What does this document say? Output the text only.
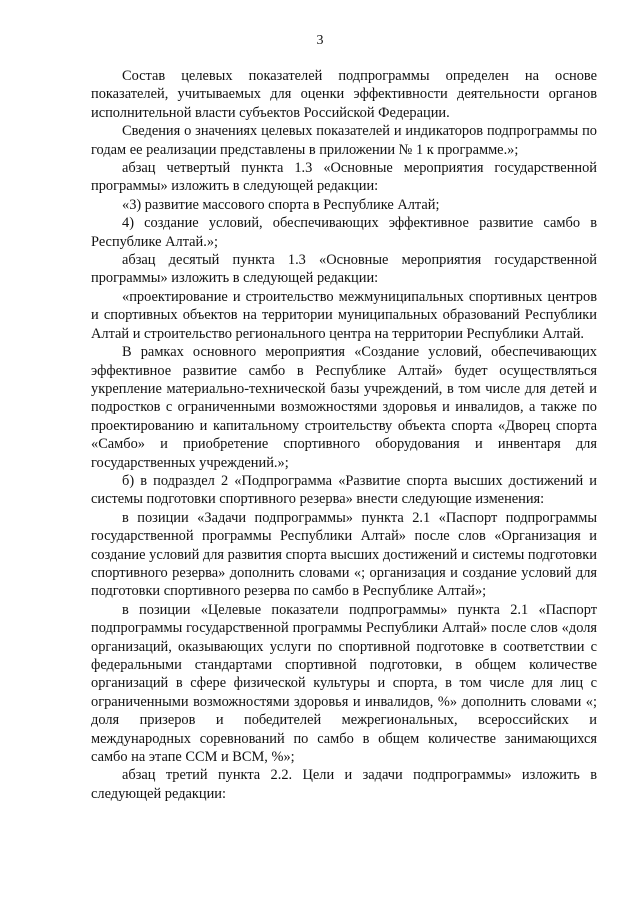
3

Состав целевых показателей подпрограммы определен на основе показателей, учитываемых для оценки эффективности деятельности органов исполнительной власти субъектов Российской Федерации.

Сведения о значениях целевых показателей и индикаторов подпрограммы по годам ее реализации представлены в приложении № 1 к программе.»;

абзац четвертый пункта 1.3 «Основные мероприятия государственной программы» изложить в следующей редакции:

«3) развитие массового спорта в Республике Алтай;

4) создание условий, обеспечивающих эффективное развитие самбо в Республике Алтай.»;

абзац десятый пункта 1.3 «Основные мероприятия государственной программы» изложить в следующей редакции:

«проектирование и строительство межмуниципальных спортивных центров и спортивных объектов на территории муниципальных образований Республики Алтай и строительство регионального центра на территории Республики Алтай.

В рамках основного мероприятия «Создание условий, обеспечивающих эффективное развитие самбо в Республике Алтай» будет осуществляться укрепление материально-технической базы учреждений, в том числе для детей и подростков с ограниченными возможностями здоровья и инвалидов, а также по проектированию и капитальному строительству объекта спорта «Дворец спорта «Самбо» и приобретение спортивного оборудования и инвентаря для государственных учреждений.»;

б) в подраздел 2 «Подпрограмма «Развитие спорта высших достижений и системы подготовки спортивного резерва» внести следующие изменения:

в позиции «Задачи подпрограммы» пункта 2.1 «Паспорт подпрограммы государственной программы Республики Алтай» после слов «Организация и создание условий для развития спорта высших достижений и системы подготовки спортивного резерва» дополнить словами «; организация и создание условий для подготовки спортивного резерва по самбо в Республике Алтай»;

в позиции «Целевые показатели подпрограммы» пункта 2.1 «Паспорт подпрограммы государственной программы Республики Алтай» после слов «доля организаций, оказывающих услуги по спортивной подготовке в соответствии с федеральными стандартами спортивной подготовки, в общем количестве организаций в сфере физической культуры и спорта, в том числе для лиц с ограниченными возможностями здоровья и инвалидов, %» дополнить словами «; доля призеров и победителей межрегиональных, всероссийских и международных соревнований по самбо в общем количестве занимающихся самбо на этапе ССМ и ВСМ, %»;

абзац третий пункта 2.2. Цели и задачи подпрограммы» изложить в следующей редакции:
